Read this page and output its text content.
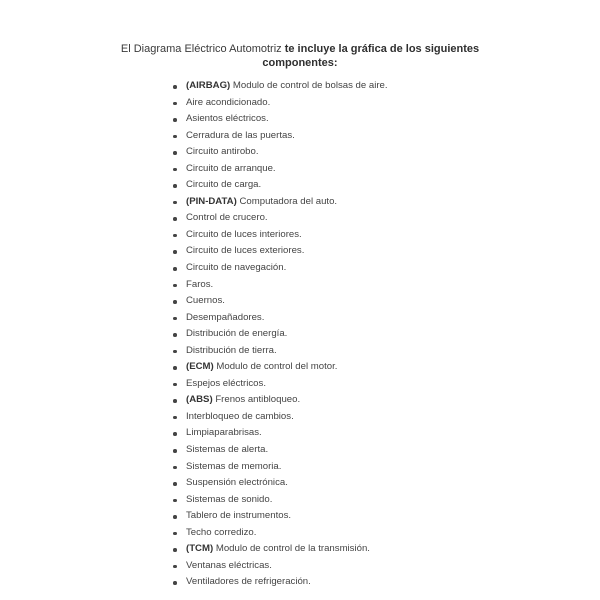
El Diagrama Eléctrico Automotriz te incluye la gráfica de los siguientes
componentes:
(AIRBAG) Modulo de control de bolsas de aire.
Aire acondicionado.
Asientos eléctricos.
Cerradura de las puertas.
Circuito antirobo.
Circuito de arranque.
Circuito de carga.
(PIN-DATA) Computadora del auto.
Control de crucero.
Circuito de luces interiores.
Circuito de luces exteriores.
Circuito de navegación.
Faros.
Cuernos.
Desempañadores.
Distribución de energía.
Distribución de tierra.
(ECM) Modulo de control del motor.
Espejos eléctricos.
(ABS) Frenos antibloqueo.
Interbloqueo de cambios.
Limpiaparabrisas.
Sistemas de alerta.
Sistemas de memoria.
Suspensión electrónica.
Sistemas de sonido.
Tablero de instrumentos.
Techo corredizo.
(TCM) Modulo de control de la transmisión.
Ventanas eléctricas.
Ventiladores de refrigeración.
